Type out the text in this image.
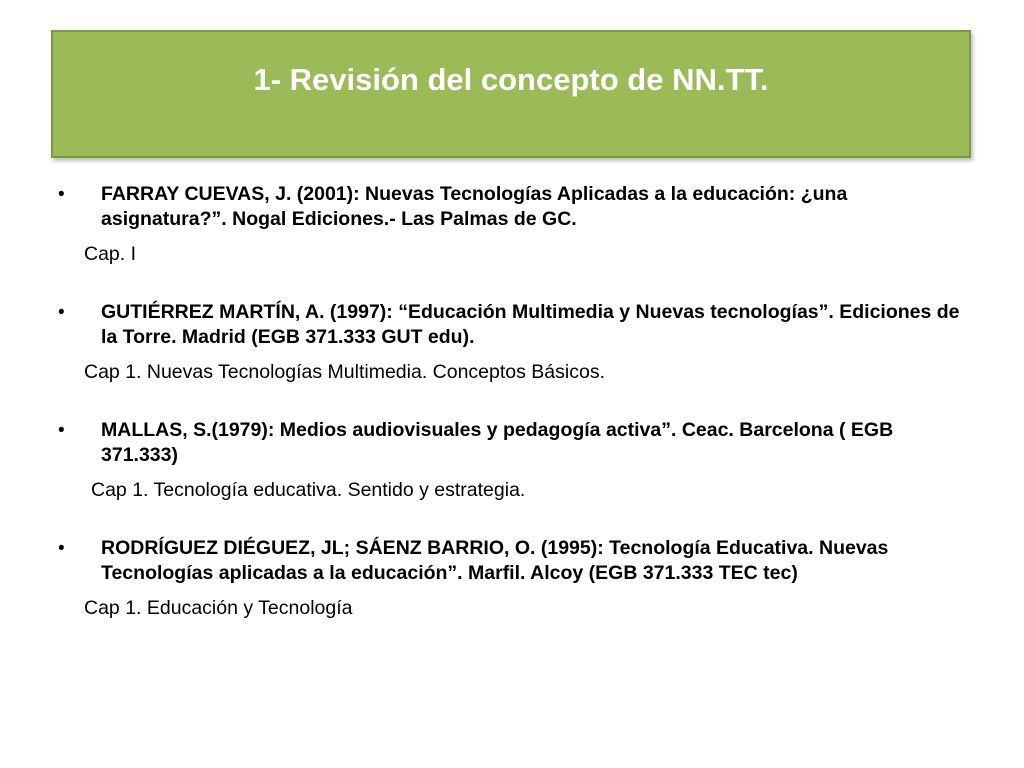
1- Revisión del concepto de NN.TT.
• FARRAY CUEVAS, J. (2001): Nuevas Tecnologías Aplicadas a la educación: ¿una asignatura?”. Nogal Ediciones.- Las Palmas de GC.
Cap. I
• GUTIÉRREZ MARTÍN, A. (1997): “Educación Multimedia y Nuevas tecnologías”. Ediciones de la Torre. Madrid (EGB 371.333 GUT edu).
Cap 1. Nuevas Tecnologías Multimedia. Conceptos Básicos.
• MALLAS, S.(1979): Medios audiovisuales y pedagogía activa”. Ceac. Barcelona ( EGB 371.333)
Cap 1. Tecnología educativa. Sentido y estrategia.
• RODRÍGUEZ DIÉGUEZ, JL; SÁENZ BARRIO, O. (1995): Tecnología Educativa. Nuevas Tecnologías aplicadas a la educación”. Marfil. Alcoy (EGB 371.333 TEC tec)
Cap 1. Educación y Tecnología
